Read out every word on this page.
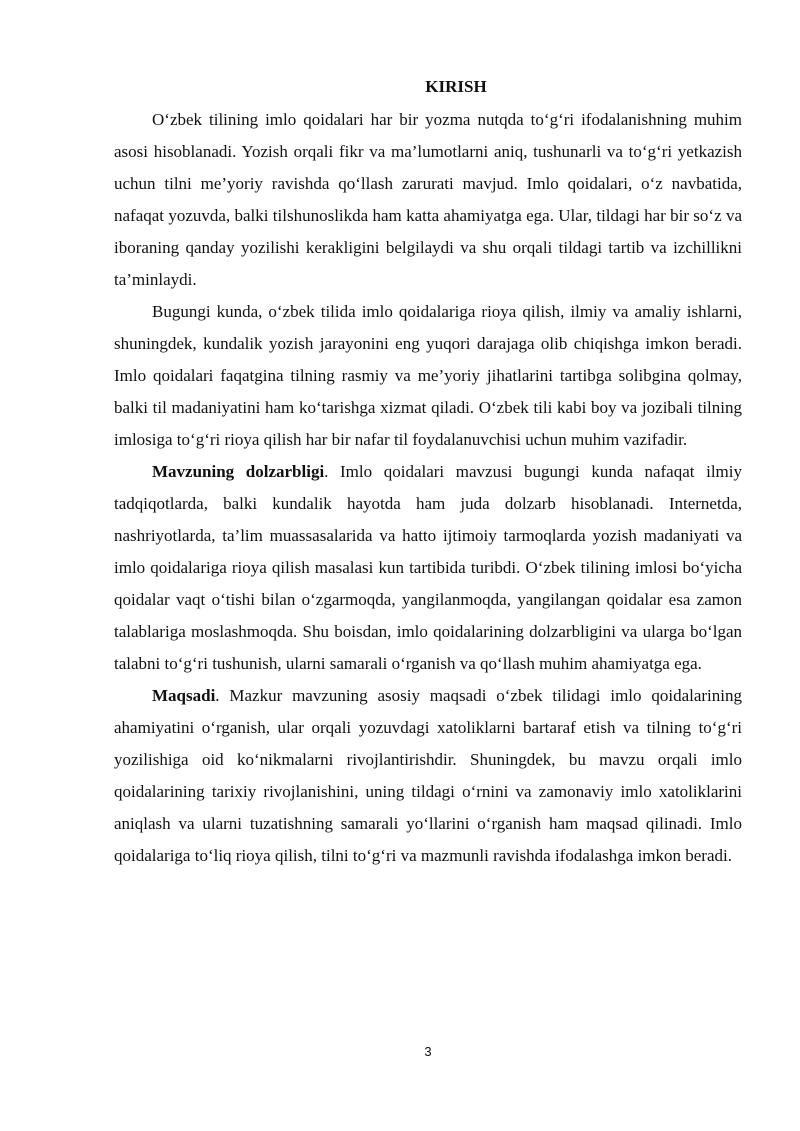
KIRISH

O‘zbek tilining imlo qoidalari har bir yozma nutqda to‘g‘ri ifodalanishning muhim asosi hisoblanadi. Yozish orqali fikr va ma’lumotlarni aniq, tushunarli va to‘g‘ri yetkazish uchun tilni me’yoriy ravishda qo‘llash zarurati mavjud. Imlo qoidalari, o‘z navbatida, nafaqat yozuvda, balki tilshunoslikda ham katta ahamiyatga ega. Ular, tildagi har bir so‘z va iboraning qanday yozilishi kerakligini belgilaydi va shu orqali tildagi tartib va izchillikni ta’minlaydi.

Bugungi kunda, o‘zbek tilida imlo qoidalariga rioya qilish, ilmiy va amaliy ishlarni, shuningdek, kundalik yozish jarayonini eng yuqori darajaga olib chiqishga imkon beradi. Imlo qoidalari faqatgina tilning rasmiy va me’yoriy jihatlarini tartibga solibgina qolmay, balki til madaniyatini ham ko‘tarishga xizmat qiladi. O‘zbek tili kabi boy va jozibali tilning imlosiga to‘g‘ri rioya qilish har bir nafar til foydalanuvchisi uchun muhim vazifadir.

Mavzuning dolzarbligi. Imlo qoidalari mavzusi bugungi kunda nafaqat ilmiy tadqiqotlarda, balki kundalik hayotda ham juda dolzarb hisoblanadi. Internetda, nashriyotlarda, ta’lim muassasalarida va hatto ijtimoiy tarmoqlarda yozish madaniyati va imlo qoidalariga rioya qilish masalasi kun tartibida turibdi. O‘zbek tilining imlosi bo‘yicha qoidalar vaqt o‘tishi bilan o‘zgarmoqda, yangilanmoqda, yangilangan qoidalar esa zamon talablariga moslashmoqda. Shu boisdan, imlo qoidalarining dolzarbligini va ularga bo‘lgan talabni to‘g‘ri tushunish, ularni samarali o‘rganish va qo‘llash muhim ahamiyatga ega.

Maqsadi. Mazkur mavzuning asosiy maqsadi o‘zbek tilidagi imlo qoidalarining ahamiyatini o‘rganish, ular orqali yozuvdagi xatoliklarni bartaraf etish va tilning to‘g‘ri yozilishiga oid ko‘nikmalarni rivojlantirishdir. Shuningdek, bu mavzu orqali imlo qoidalarining tarixiy rivojlanishini, uning tildagi o‘rnini va zamonaviy imlo xatoliklarini aniqlash va ularni tuzatishning samarali yo‘llarini o‘rganish ham maqsad qilinadi. Imlo qoidalariga to‘liq rioya qilish, tilni to‘g‘ri va mazmunli ravishda ifodalashga imkon beradi.

3
